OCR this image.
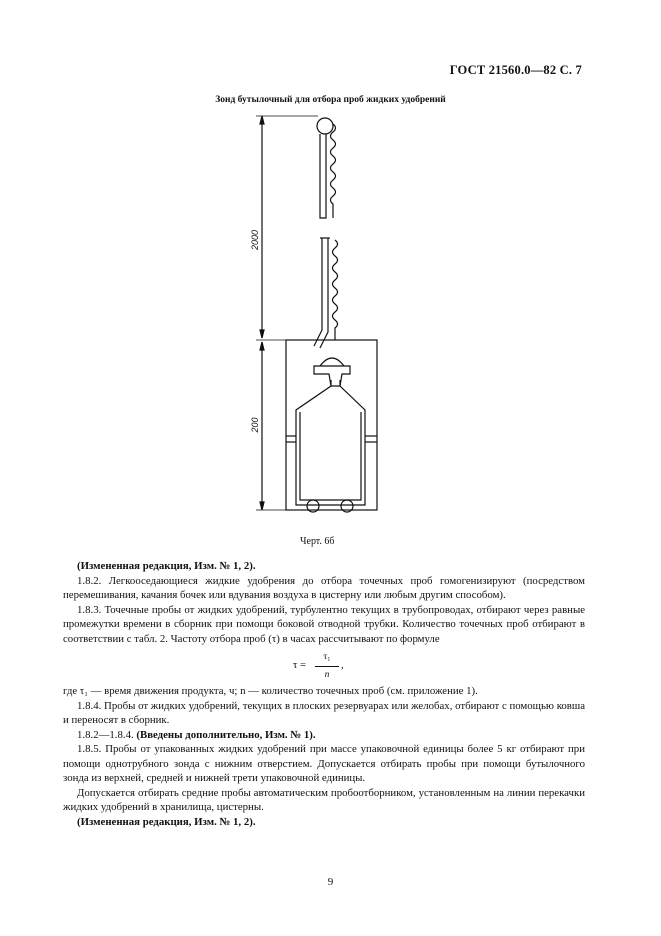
ГОСТ 21560.0—82 С. 7
Зонд бутылочный для отбора проб жидких удобрений
2000
200
Черт. 6б

(Измененная редакция, Изм. № 1, 2).

1.8.2. Легкооседающиеся жидкие удобрения до отбора точечных проб гомогенизируют (посредством перемешивания, качания бочек или вдувания воздуха в цистерну или любым другим способом).

1.8.3. Точечные пробы от жидких удобрений, турбулентно текущих в трубопроводах, отбирают через равные промежутки времени в сборник при помощи боковой отводной трубки. Количество точечных проб отбирают в соответствии с табл. 2. Частоту отбора проб (τ) в часах рассчитывают по формуле

$\tau = \frac{\text{τ₁}}{n}$ ,

где τ₁ — время движения продукта, ч; n — количество точечных проб (см. приложение 1).

1.8.4. Пробы от жидких удобрений, текущих в плоских резервуарах или желобах, отбирают с помощью ковша и переносят в сборник.

1.8.2—1.8.4. (Введены дополнительно, Изм. № 1).

1.8.5. Пробы от упакованных жидких удобрений при массе упаковочной единицы более 5 кг отбирают при помощи однотрубного зонда с нижним отверстием. Допускается отбирать пробы при помощи бутылочного зонда из верхней, средней и нижней трети упаковочной единицы.

Допускается отбирать средние пробы автоматическим пробоотборником, установленным на линии перекачки жидких удобрений в хранилища, цистерны.

(Измененная редакция, Изм. № 1, 2).

9
